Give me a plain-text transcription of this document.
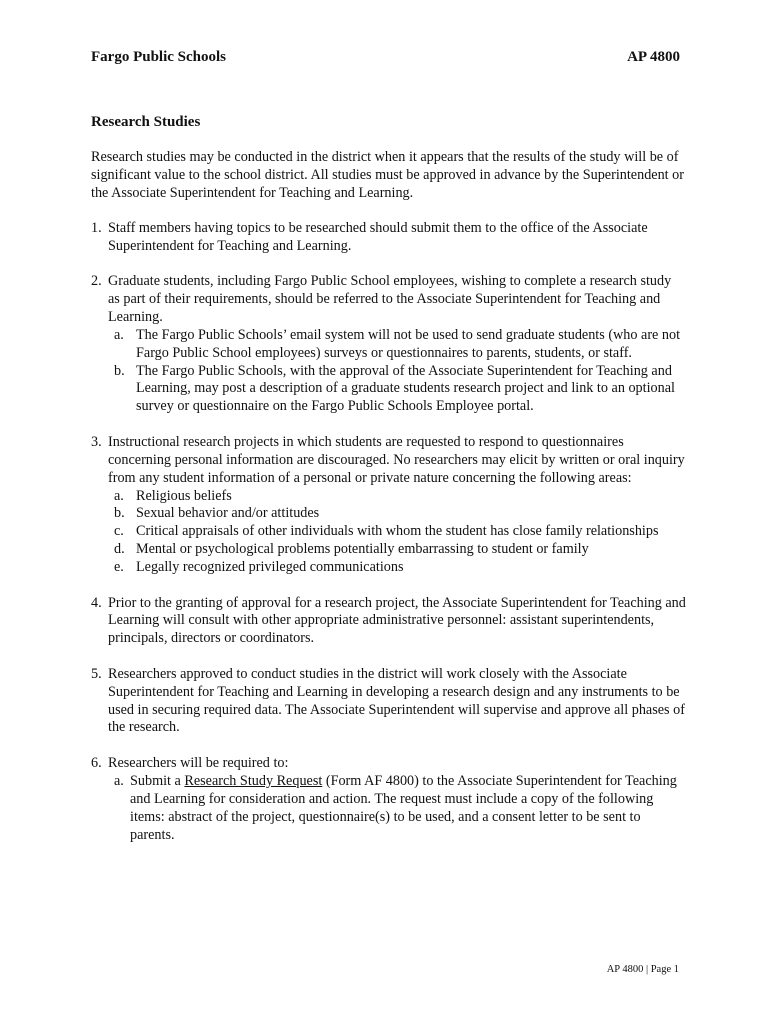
Fargo Public Schools	AP 4800
Research Studies

Research studies may be conducted in the district when it appears that the results of the study will be of significant value to the school district. All studies must be approved in advance by the Superintendent or the Associate Superintendent for Teaching and Learning.

1. Staff members having topics to be researched should submit them to the office of the Associate Superintendent for Teaching and Learning.
2. Graduate students, including Fargo Public School employees, wishing to complete a research study as part of their requirements, should be referred to the Associate Superintendent for Teaching and Learning.
a. The Fargo Public Schools’ email system will not be used to send graduate students (who are not Fargo Public School employees) surveys or questionnaires to parents, students, or staff.
b. The Fargo Public Schools, with the approval of the Associate Superintendent for Teaching and Learning, may post a description of a graduate students research project and link to an optional survey or questionnaire on the Fargo Public Schools Employee portal.
3. Instructional research projects in which students are requested to respond to questionnaires concerning personal information are discouraged. No researchers may elicit by written or oral inquiry from any student information of a personal or private nature concerning the following areas:
a. Religious beliefs
b. Sexual behavior and/or attitudes
c. Critical appraisals of other individuals with whom the student has close family relationships
d. Mental or psychological problems potentially embarrassing to student or family
e. Legally recognized privileged communications
4. Prior to the granting of approval for a research project, the Associate Superintendent for Teaching and Learning will consult with other appropriate administrative personnel: assistant superintendents, principals, directors or coordinators.
5. Researchers approved to conduct studies in the district will work closely with the Associate Superintendent for Teaching and Learning in developing a research design and any instruments to be used in securing required data. The Associate Superintendent will supervise and approve all phases of the research.
6. Researchers will be required to:
a. Submit a Research Study Request (Form AF 4800) to the Associate Superintendent for Teaching and Learning for consideration and action. The request must include a copy of the following items: abstract of the project, questionnaire(s) to be used, and a consent letter to be sent to parents.
AP 4800 | Page 1
